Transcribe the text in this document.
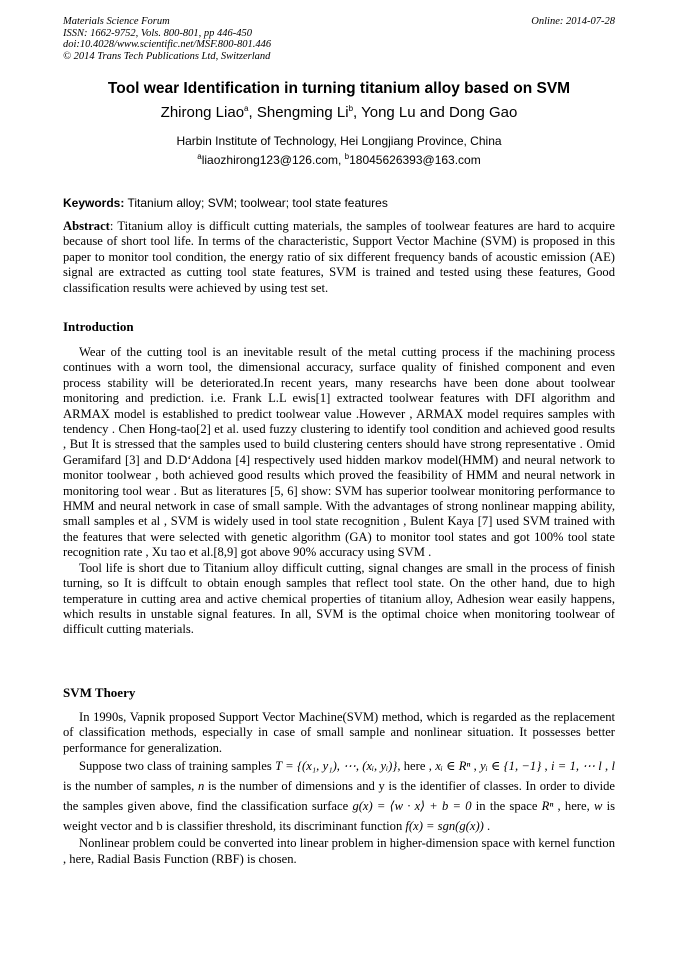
Materials Science Forum
ISSN: 1662-9752, Vols. 800-801, pp 446-450
doi:10.4028/www.scientific.net/MSF.800-801.446
© 2014 Trans Tech Publications Ltd, Switzerland
Online: 2014-07-28
Tool wear Identification in turning titanium alloy based on SVM
Zhirong Liao$^a$, Shengming Li$^b$, Yong Lu and Dong Gao
Harbin Institute of Technology, Hei Longjiang Province, China
$^a$liaozhirong123@126.com, $^b$18045626393@163.com
Keywords: Titanium alloy; SVM; toolwear; tool state features

Abstract: Titanium alloy is difficult cutting materials, the samples of toolwear features are hard to acquire because of short tool life. In terms of the characteristic, Support Vector Machine (SVM) is proposed in this paper to monitor tool condition, the energy ratio of six different frequency bands of acoustic emission (AE) signal are extracted as cutting tool state features, SVM is trained and tested using these features, Good classification results were achieved by using test set.

Introduction

Wear of the cutting tool is an inevitable result of the metal cutting process if the machining process continues with a worn tool, the dimensional accuracy, surface quality of finished component and even process stability will be deteriorated.In recent years, many researchs have been done about toolwear monitoring and prediction. i.e. Frank L.L ewis[1] extracted toolwear features with DFI algorithm and ARMAX model is established to predict toolwear value .However , ARMAX model requires samples with tendency . Chen Hong-tao[2] et al. used fuzzy clustering to identify tool condition and achieved good results , But It is stressed that the samples used to build clustering centers should have strong representative . Omid Geramifard [3] and D.D‘Addona [4] respectively used hidden markov model(HMM) and neural network to monitor toolwear , both achieved good results which proved the feasibility of HMM and neural network in monitoring tool wear . But as literatures [5, 6] show: SVM has superior toolwear monitoring performance to HMM and neural network in case of small sample. With the advantages of strong nonlinear mapping ability, small samples et al , SVM is widely used in tool state recognition , Bulent Kaya [7] used SVM trained with the features that were selected with genetic algorithm (GA) to monitor tool states and got 100% tool state recognition rate , Xu tao et al.[8,9] got above 90% accuracy using SVM .

Tool life is short due to Titanium alloy difficult cutting, signal changes are small in the process of finish turning, so It is diffcult to obtain enough samples that reflect tool state. On the other hand, due to high temperature in cutting area and active chemical properties of titanium alloy, Adhesion wear easily happens, which results in unstable signal features. In all, SVM is the optimal choice when monitoring toolwear of difficult cutting materials.

SVM Thoery

In 1990s, Vapnik proposed Support Vector Machine(SVM) method, which is regarded as the replacement of classification methods, especially in case of small sample and nonlinear situation. It possesses better performance for generalization.

Suppose two class of training samples T = {(x₁, y₁), ⋯, (xᵢ, yᵢ)}, here , xᵢ ∈ Rⁿ , yᵢ ∈ {1, −1} , i = 1, ⋯ l , l is the number of samples, n is the number of dimensions and y is the identifier of classes. In order to divide the samples given above, find the classification surface g(x) = ⟨w · x⟩ + b = 0 in the space Rⁿ , here, w is weight vector and b is classifier threshold, its discriminant function f(x) = sgn(g(x)) .

Nonlinear problem could be converted into linear problem in higher-dimension space with kernel function , here, Radial Basis Function (RBF) is chosen.
